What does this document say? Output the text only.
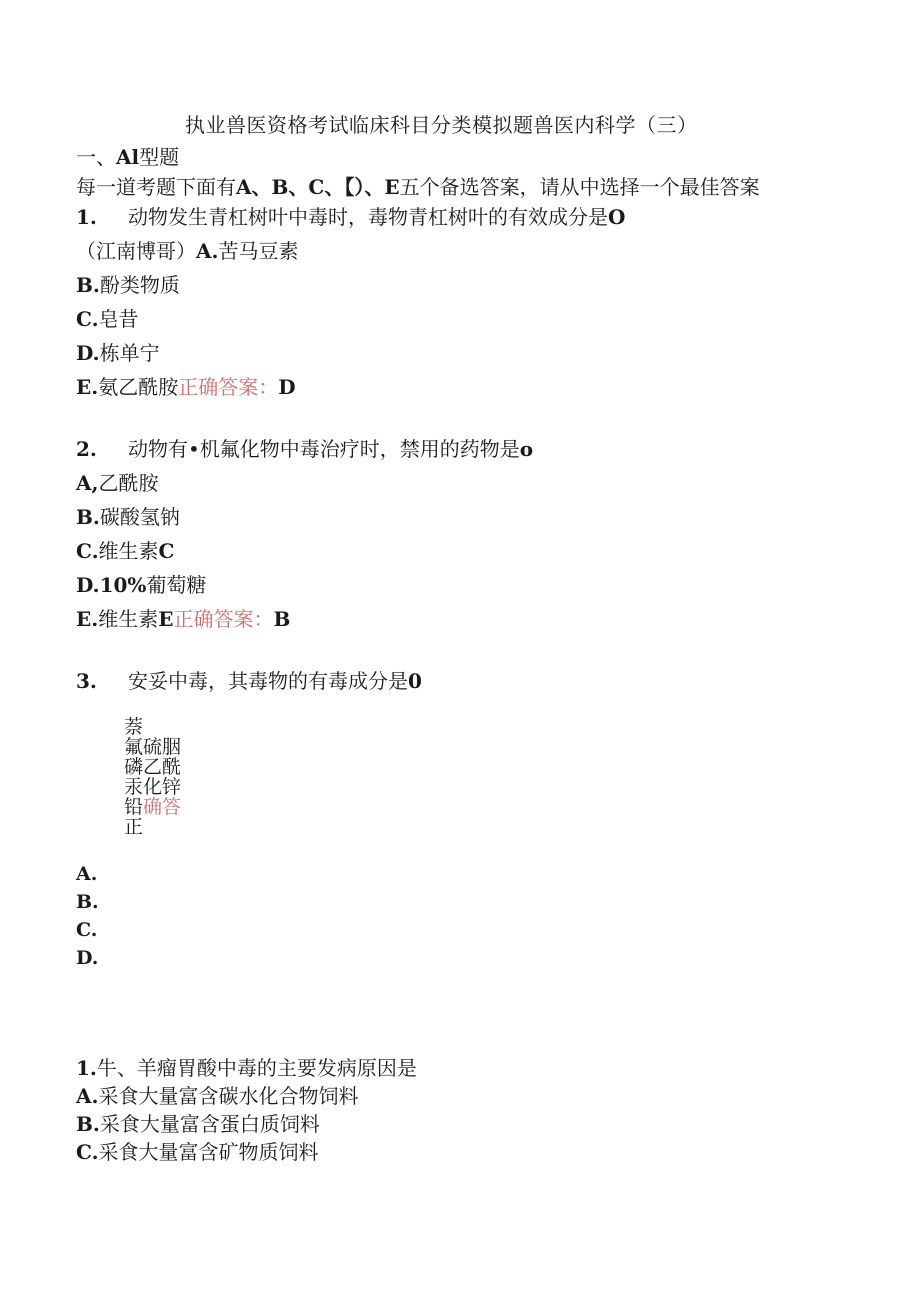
执业兽医资格考试临床科目分类模拟题兽医内科学（三）
一、Al型题
每一道考题下面有A、B、C、【）、E五个备选答案，请从中选择一个最佳答案
1. 动物发生青杠树叶中毒时，毒物青杠树叶的有效成分是O
（江南博哥）A.苦马豆素
B.酚类物质
C.皂昔
D.栋单宁
E.氨乙酰胺正确答案：D
2. 动物有•机氟化物中毒治疗时，禁用的药物是o
A,乙酰胺
B.碳酸氢钠
C.维生素C
D.10%葡萄糖
E.维生素E正确答案：B
3. 安妥中毒，其毒物的有毒成分是0
萘
氟硫胭
磷乙酰
汞化锌
铅确答
正
A.
B.
C.
D.
1.牛、羊瘤胃酸中毒的主要发病原因是
A.采食大量富含碳水化合物饲料
B.采食大量富含蛋白质饲料
C.采食大量富含矿物质饲料
